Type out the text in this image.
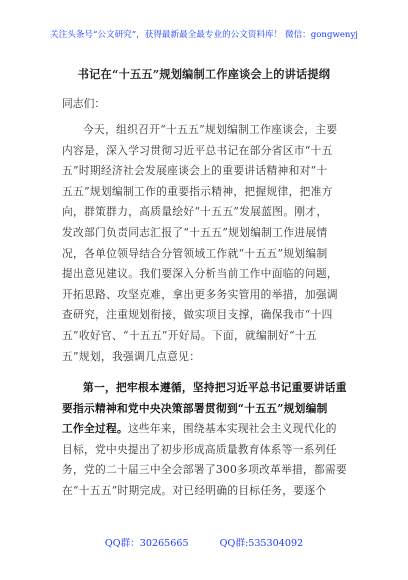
关注头条号“公文研究”，获得最新最全最专业的公文资料库！ 微信：gongwenyj
书记在“十五五”规划编制工作座谈会上的讲话提纲
同志们：

今天，组织召开“十五五”规划编制工作座谈会，主要
内容是，深入学习贯彻习近平总书记在部分省区市“十五
五”时期经济社会发展座谈会上的重要讲话精神和对“十
五五”规划编制工作的重要指示精神，把握规律，把准方
向，群策群力，高质量绘好“十五五”发展蓝图。刚才，
发改部门负责同志汇报了“十五五”规划编制工作进展情
况，各单位领导结合分管领域工作就“十五五”规划编制
提出意见建议。我们要深入分析当前工作中面临的问题，
开拓思路、攻坚克难，拿出更多务实管用的举措，加强调
查研究，注重规划衔接，做实项目支撑，确保我市“十四
五”收好官、“十五五”开好局。下面，就编制好“十五
五”规划，我强调几点意见：

第一，把牢根本遵循，坚持把习近平总书记重要讲话重
要指示精神和党中央决策部署贯彻到“十五五”规划编制
工作全过程。这些年来，围绕基本实现社会主义现代化的
目标，党中央提出了初步形成高质量教育体系等一系列任
务，党的二十届三中全会部署了300多项改革举措，都需要
在“十五五”时期完成。对已经明确的目标任务，要逐个

QQ群：30265665	QQ群:535304092
